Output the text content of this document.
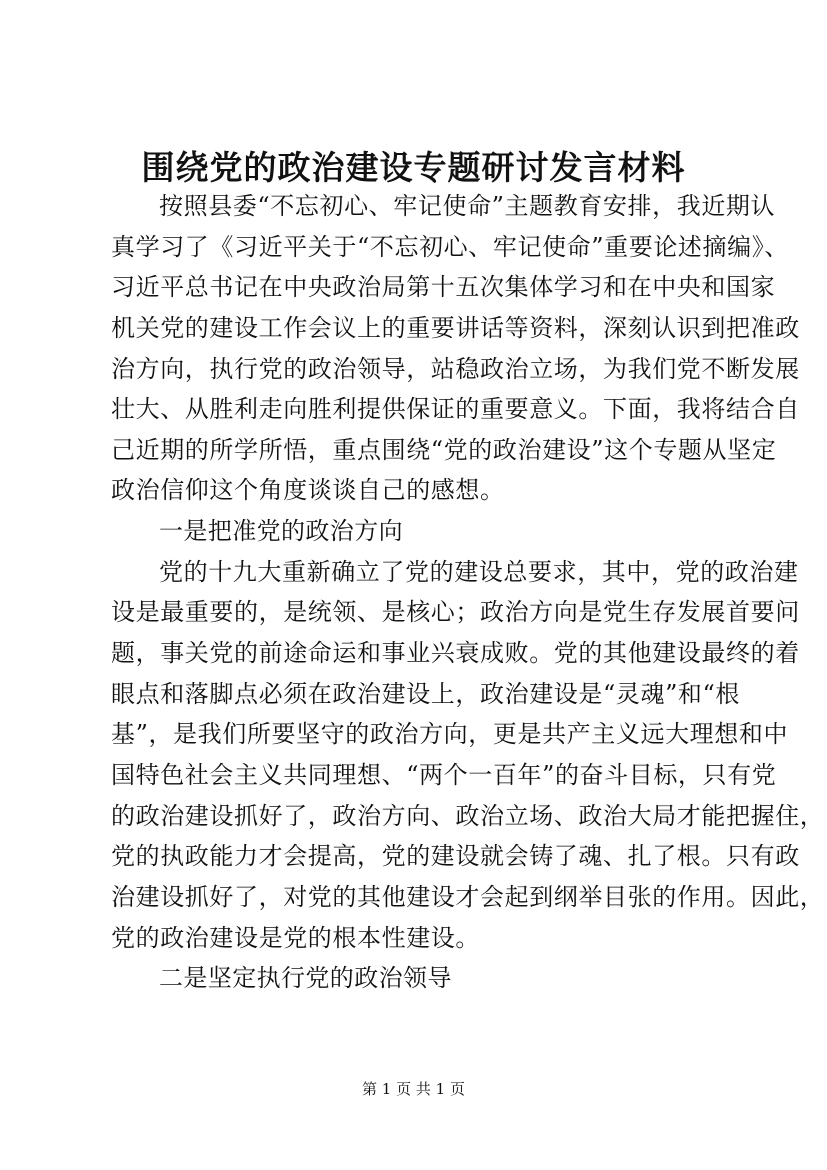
围绕党的政治建设专题研讨发言材料
按照县委“不忘初心、牢记使命”主题教育安排，我近期认
真学习了《习近平关于“不忘初心、牢记使命”重要论述摘编》、
习近平总书记在中央政治局第十五次集体学习和在中央和国家
机关党的建设工作会议上的重要讲话等资料，深刻认识到把准政
治方向，执行党的政治领导，站稳政治立场，为我们党不断发展
壮大、从胜利走向胜利提供保证的重要意义。下面，我将结合自
己近期的所学所悟，重点围绕“党的政治建设”这个专题从坚定
政治信仰这个角度谈谈自己的感想。
一是把准党的政治方向
党的十九大重新确立了党的建设总要求，其中，党的政治建
设是最重要的，是统领、是核心；政治方向是党生存发展首要问
题，事关党的前途命运和事业兴衰成败。党的其他建设最终的着
眼点和落脚点必须在政治建设上，政治建设是“灵魂”和“根
基”，是我们所要坚守的政治方向，更是共产主义远大理想和中
国特色社会主义共同理想、“两个一百年”的奋斗目标，只有党
的政治建设抓好了，政治方向、政治立场、政治大局才能把握住，
党的执政能力才会提高，党的建设就会铸了魂、扎了根。只有政
治建设抓好了，对党的其他建设才会起到纲举目张的作用。因此，
党的政治建设是党的根本性建设。
二是坚定执行党的政治领导
第 1 页 共 1 页
